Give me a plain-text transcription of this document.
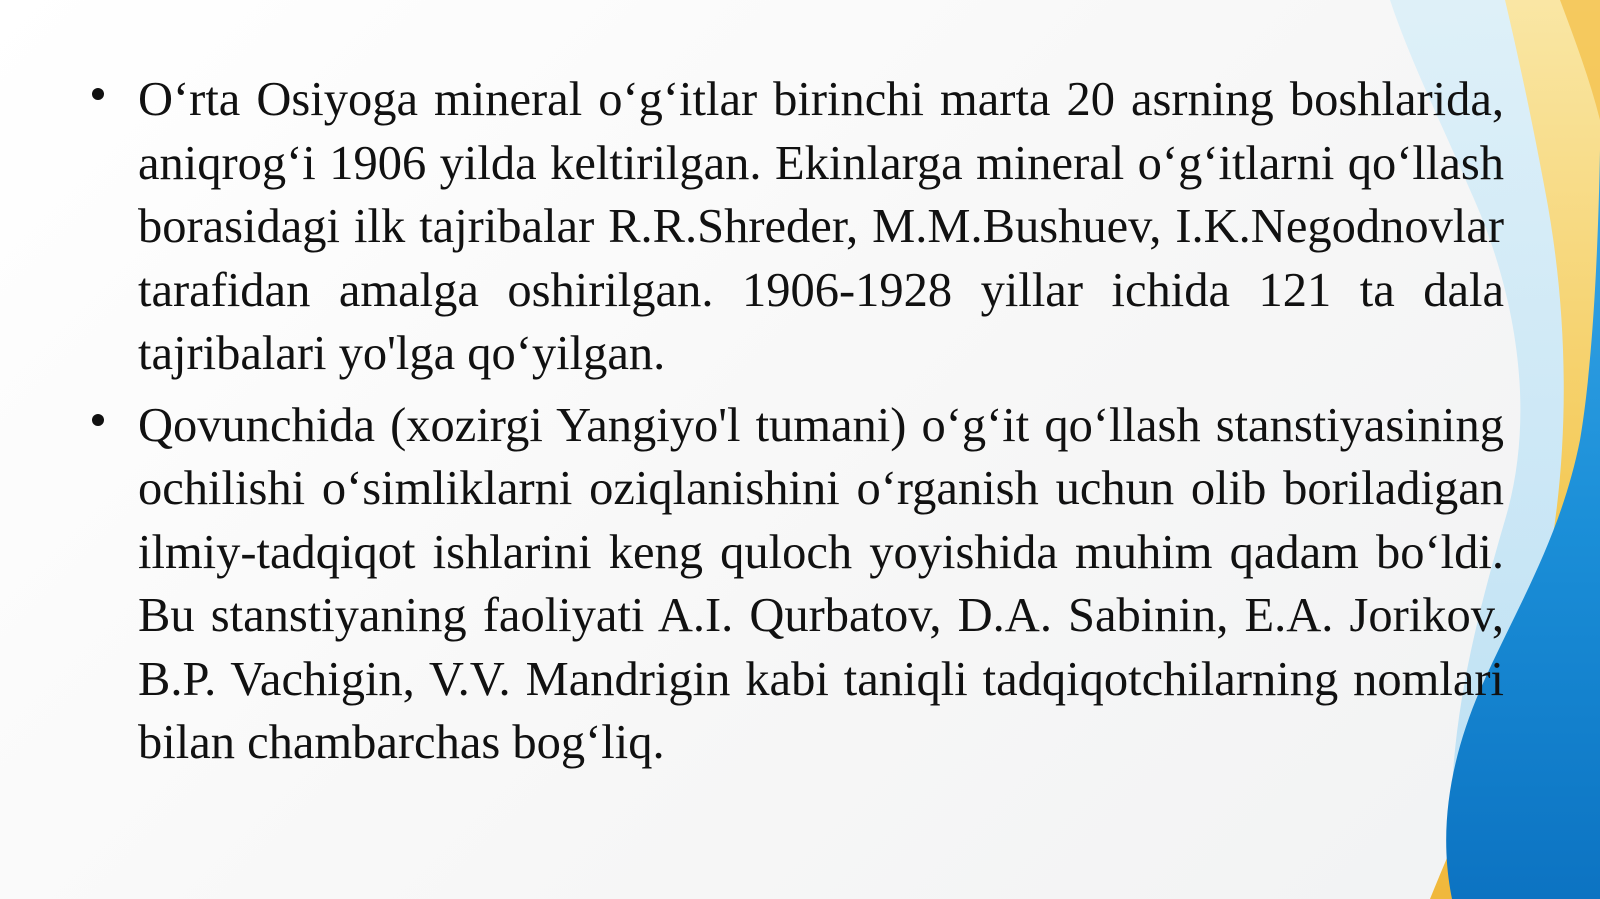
O‘rta Osiyoga mineral o‘g‘itlar birinchi marta 20 asrning boshlarida, aniqrog‘i 1906 yilda keltirilgan. Ekinlarga mineral o‘g‘itlarni qo‘llash borasidagi ilk tajribalar R.R.Shreder, M.M.Bushuev, I.K.Negodnovlar tarafidan amalga oshirilgan. 1906-1928 yillar ichida 121 ta dala tajribalari yo'lga qo‘yilgan.
Qovunchida (xozirgi Yangiyo'l tumani) o‘g‘it qo‘llash stanstiyasining ochilishi o‘simliklarni oziqlanishini o‘rganish uchun olib boriladigan ilmiy-tadqiqot ishlarini keng quloch yoyishida muhim qadam bo‘ldi. Bu stanstiyaning faoliyati A.I. Qurbatov, D.A. Sabinin, E.A. Jorikov, B.P. Vachigin, V.V. Mandrigin kabi taniqli tadqiqotchilarning nomlari bilan chambarchas bog‘liq.
